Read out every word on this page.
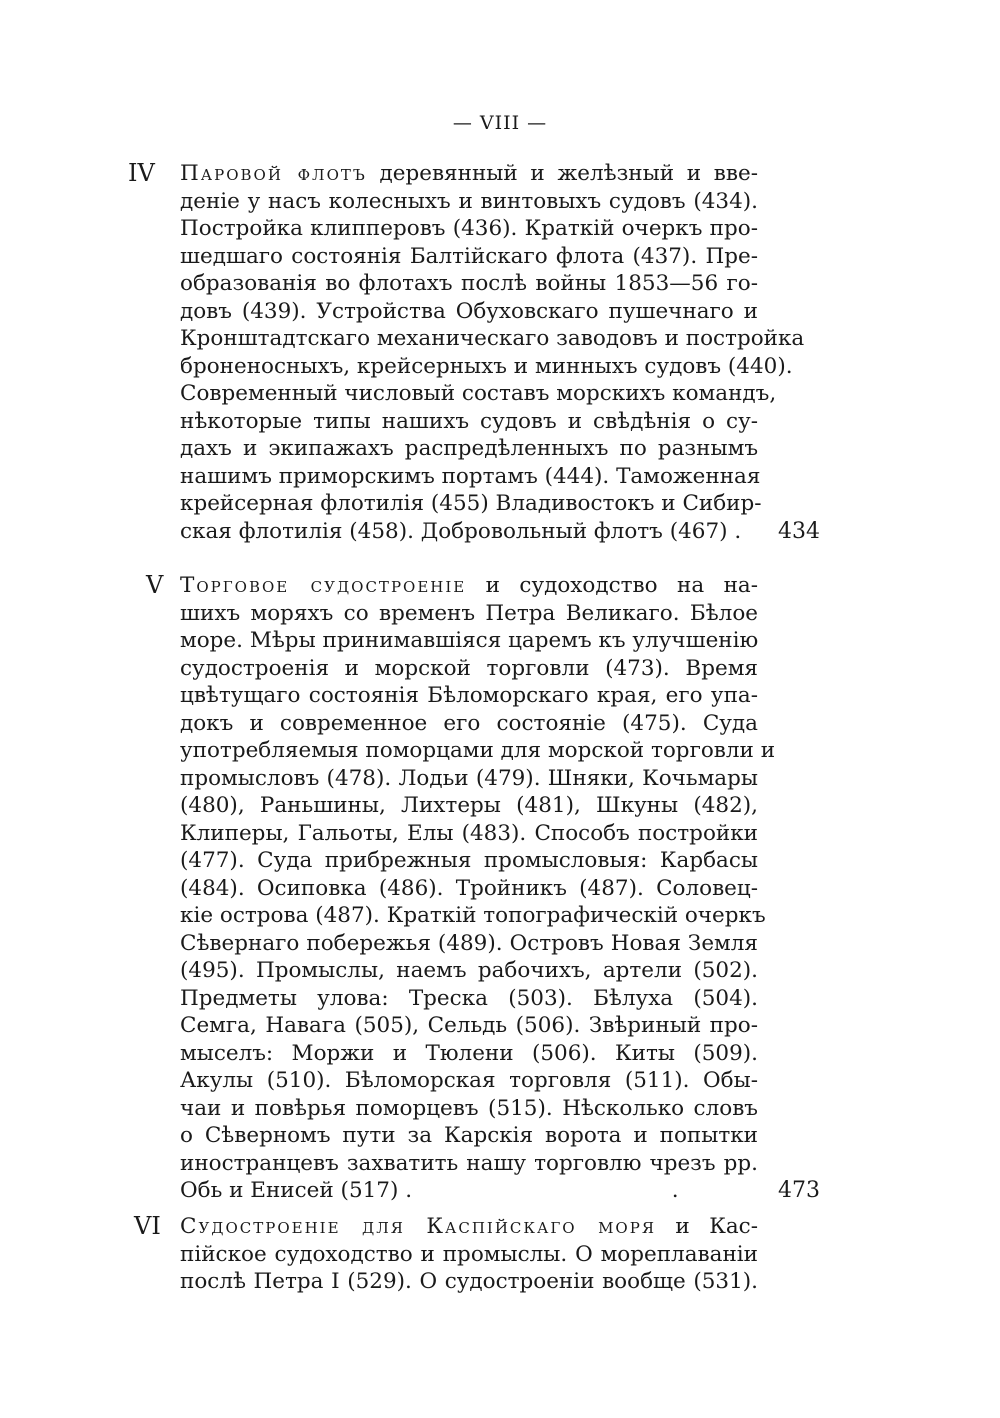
— VIII —
IV	Паровой флотъ деревянный и желѣзный и вве-
деніе у насъ колесныхъ и винтовыхъ судовъ (434).
Постройка клипперовъ (436). Краткій очеркъ про-
шедшаго состоянія Балтійскаго флота (437). Пре-
образованія во флотахъ послѣ войны 1853—56 го-
довъ (439). Устройства Обуховскаго пушечнаго и
Кронштадтскаго механическаго заводовъ и постройка
броненосныхъ, крейсерныхъ и минныхъ судовъ (440).
Современный числовый составъ морскихъ командъ,
нѣкоторые типы нашихъ судовъ и свѣдѣнія о су-
дахъ и экипажахъ распредѣленныхъ по разнымъ
нашимъ приморскимъ портамъ (444). Таможенная
крейсерная флотилія (455) Владивостокъ и Сибир-
ская флотилія (458). Добровольный флотъ (467) .	434
V Торговое судостроеніе и судоходство на на-
шихъ моряхъ со временъ Петра Великаго. Бѣлое
море. Мѣры принимавшіяся царемъ къ улучшенію
судостроенія и морской торговли (473). Время
цвѣтущаго состоянія Бѣломорскаго края, его упа-
докъ и современное его состояніе (475). Суда
употребляемыя поморцами для морской торговли и
промысловъ (478). Лодьи (479). Шняки, Кочьмары
(480), Раньшины, Лихтеры (481), Шкуны (482),
Клиперы, Гальоты, Елы (483). Способъ постройки
(477). Суда прибрежныя промысловыя: Карбасы
(484). Осиповка (486). Тройникъ (487). Соловец-
кіе острова (487). Краткій топографическій очеркъ
Сѣвернаго побережья (489). Островъ Новая Земля
(495). Промыслы, наемъ рабочихъ, артели (502).
Предметы улова: Треска (503). Бѣлуха (504).
Семга, Навага (505), Сельдь (506). Звѣриный про-
мыселъ: Моржи и Тюлени (506). Киты (509).
Акулы (510). Бѣломорская торговля (511). Обы-
чаи и повѣрья поморцевъ (515). Нѣсколько словъ
о Сѣверномъ пути за Карскія ворота и попытки
иностранцевъ захватить нашу торговлю чрезъ рр.
Обь и Енисей (517) .                                      .	473
VI Судостроеніе для Каспійскаго моря и Кас-
пійское судоходство и промыслы. О мореплаваніи
послѣ Петра I (529). О судостроеніи вообще (531).
